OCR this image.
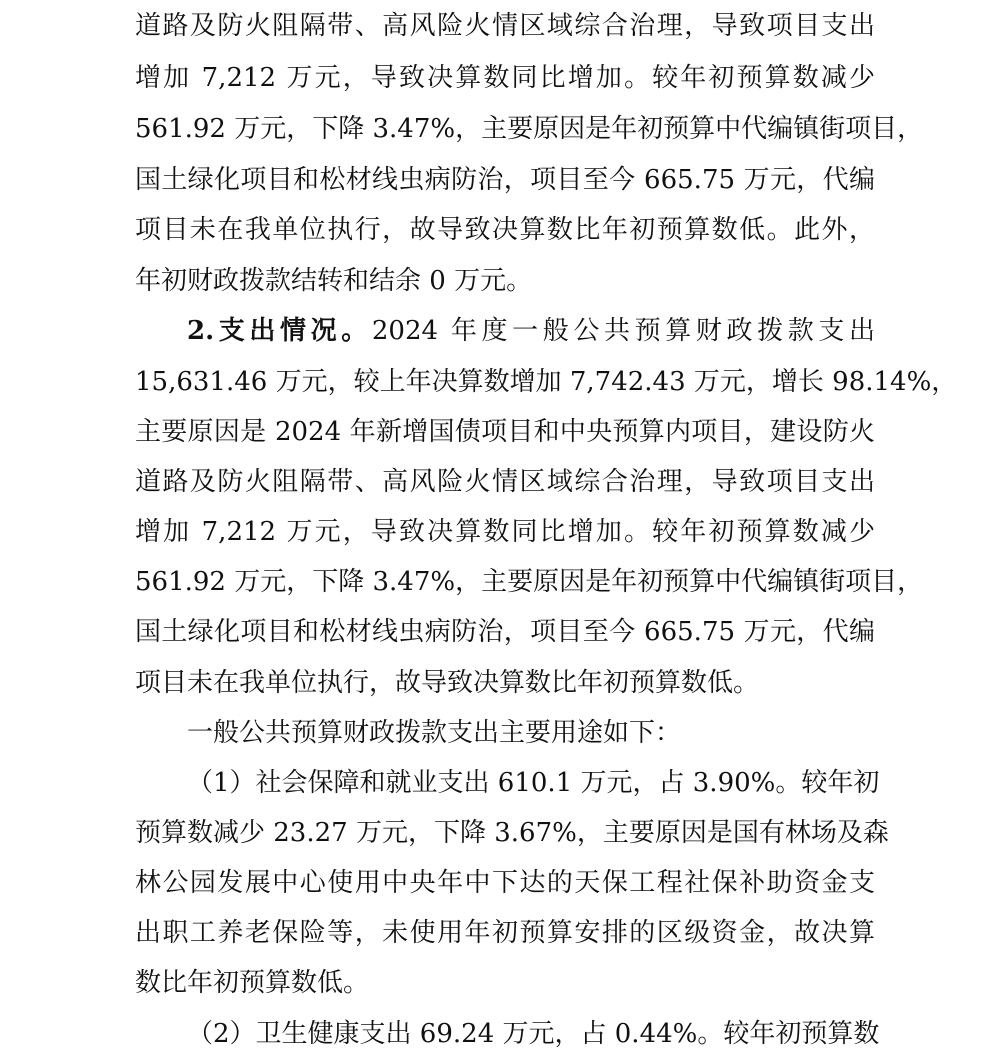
道路及防火阻隔带、高风险火情区域综合治理，导致项目支出
增加 7,212 万元，导致决算数同比增加。较年初预算数减少
561.92 万元，下降 3.47%，主要原因是年初预算中代编镇街项目，
国土绿化项目和松材线虫病防治，项目至今 665.75 万元，代编
项目未在我单位执行，故导致决算数比年初预算数低。此外，
年初财政拨款结转和结余 0 万元。
2.支出情况。2024 年度一般公共预算财政拨款支出
15,631.46 万元，较上年决算数增加 7,742.43 万元，增长 98.14%，
主要原因是 2024 年新增国债项目和中央预算内项目，建设防火
道路及防火阻隔带、高风险火情区域综合治理，导致项目支出
增加 7,212 万元，导致决算数同比增加。较年初预算数减少
561.92 万元，下降 3.47%，主要原因是年初预算中代编镇街项目，
国土绿化项目和松材线虫病防治，项目至今 665.75 万元，代编
项目未在我单位执行，故导致决算数比年初预算数低。
一般公共预算财政拨款支出主要用途如下：
（1）社会保障和就业支出 610.1 万元，占 3.90%。较年初
预算数减少 23.27 万元，下降 3.67%，主要原因是国有林场及森
林公园发展中心使用中央年中下达的天保工程社保补助资金支
出职工养老保险等，未使用年初预算安排的区级资金，故决算
数比年初预算数低。
（2）卫生健康支出 69.24 万元，占 0.44%。较年初预算数
